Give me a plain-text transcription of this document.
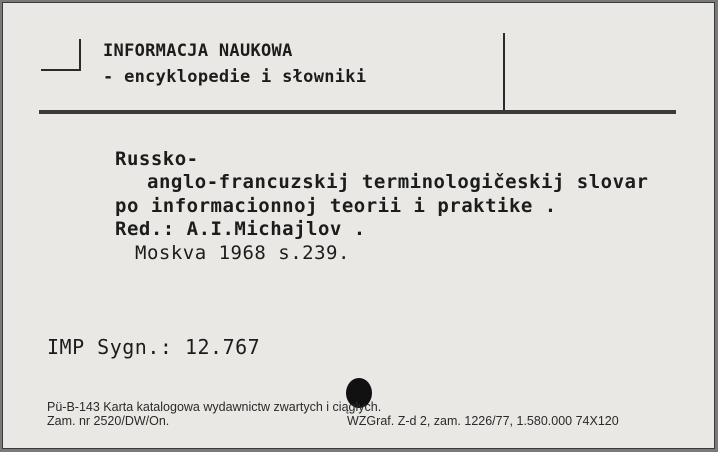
INFORMACJA NAUKOWA
- encyklopedie i słowniki
Russko-
anglo-francuzskij terminologičeskij slovar
po informacionnoj teorii i praktike .
Red.: A.I.Michajlov .
Moskva 1968 s.239.
IMP Sygn.: 12.767
Pü-B-143 Karta katalogowa wydawnictw zwartych i ciągłych.
Zam. nr 2520/DW/On.	WZGraf. Z-d 2, zam. 1226/77, 1.580.000 74X120
